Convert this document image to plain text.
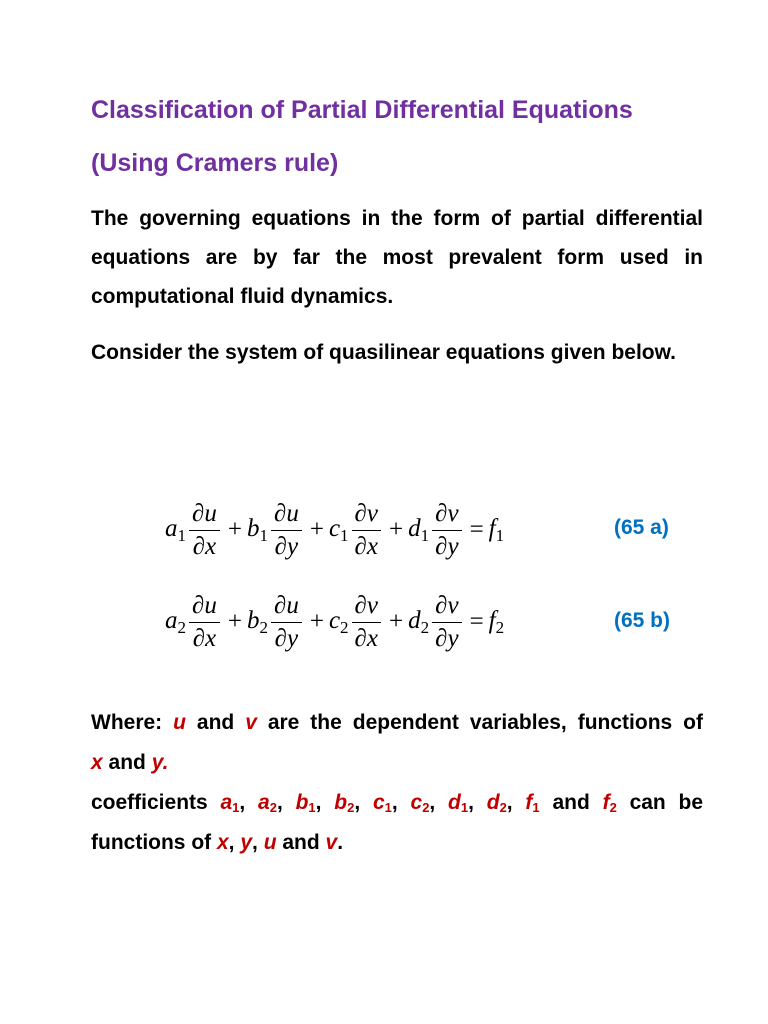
Classification of Partial Differential Equations
(Using Cramers rule)

The governing equations in the form of partial differential equations are by far the most prevalent form used in computational fluid dynamics.

Consider the system of quasilinear equations given below.

$a_1 \frac{\partial u}{\partial x} + b_1 \frac{\partial u}{\partial y} + c_1 \frac{\partial v}{\partial x} + d_1 \frac{\partial v}{\partial y} = f_1$	(65 a)
$a_2 \frac{\partial u}{\partial x} + b_2 \frac{\partial u}{\partial y} + c_2 \frac{\partial v}{\partial x} + d_2 \frac{\partial v}{\partial y} = f_2$	(65 b)
Where: u and v are the dependent variables, functions of
x and y.
coefficients $a_1$, $a_2$, $b_1$, $b_2$, $c_1$, $c_2$, $d_1$, $d_2$, $f_1$ and $f_2$ can be
functions of x, y, u and v.
